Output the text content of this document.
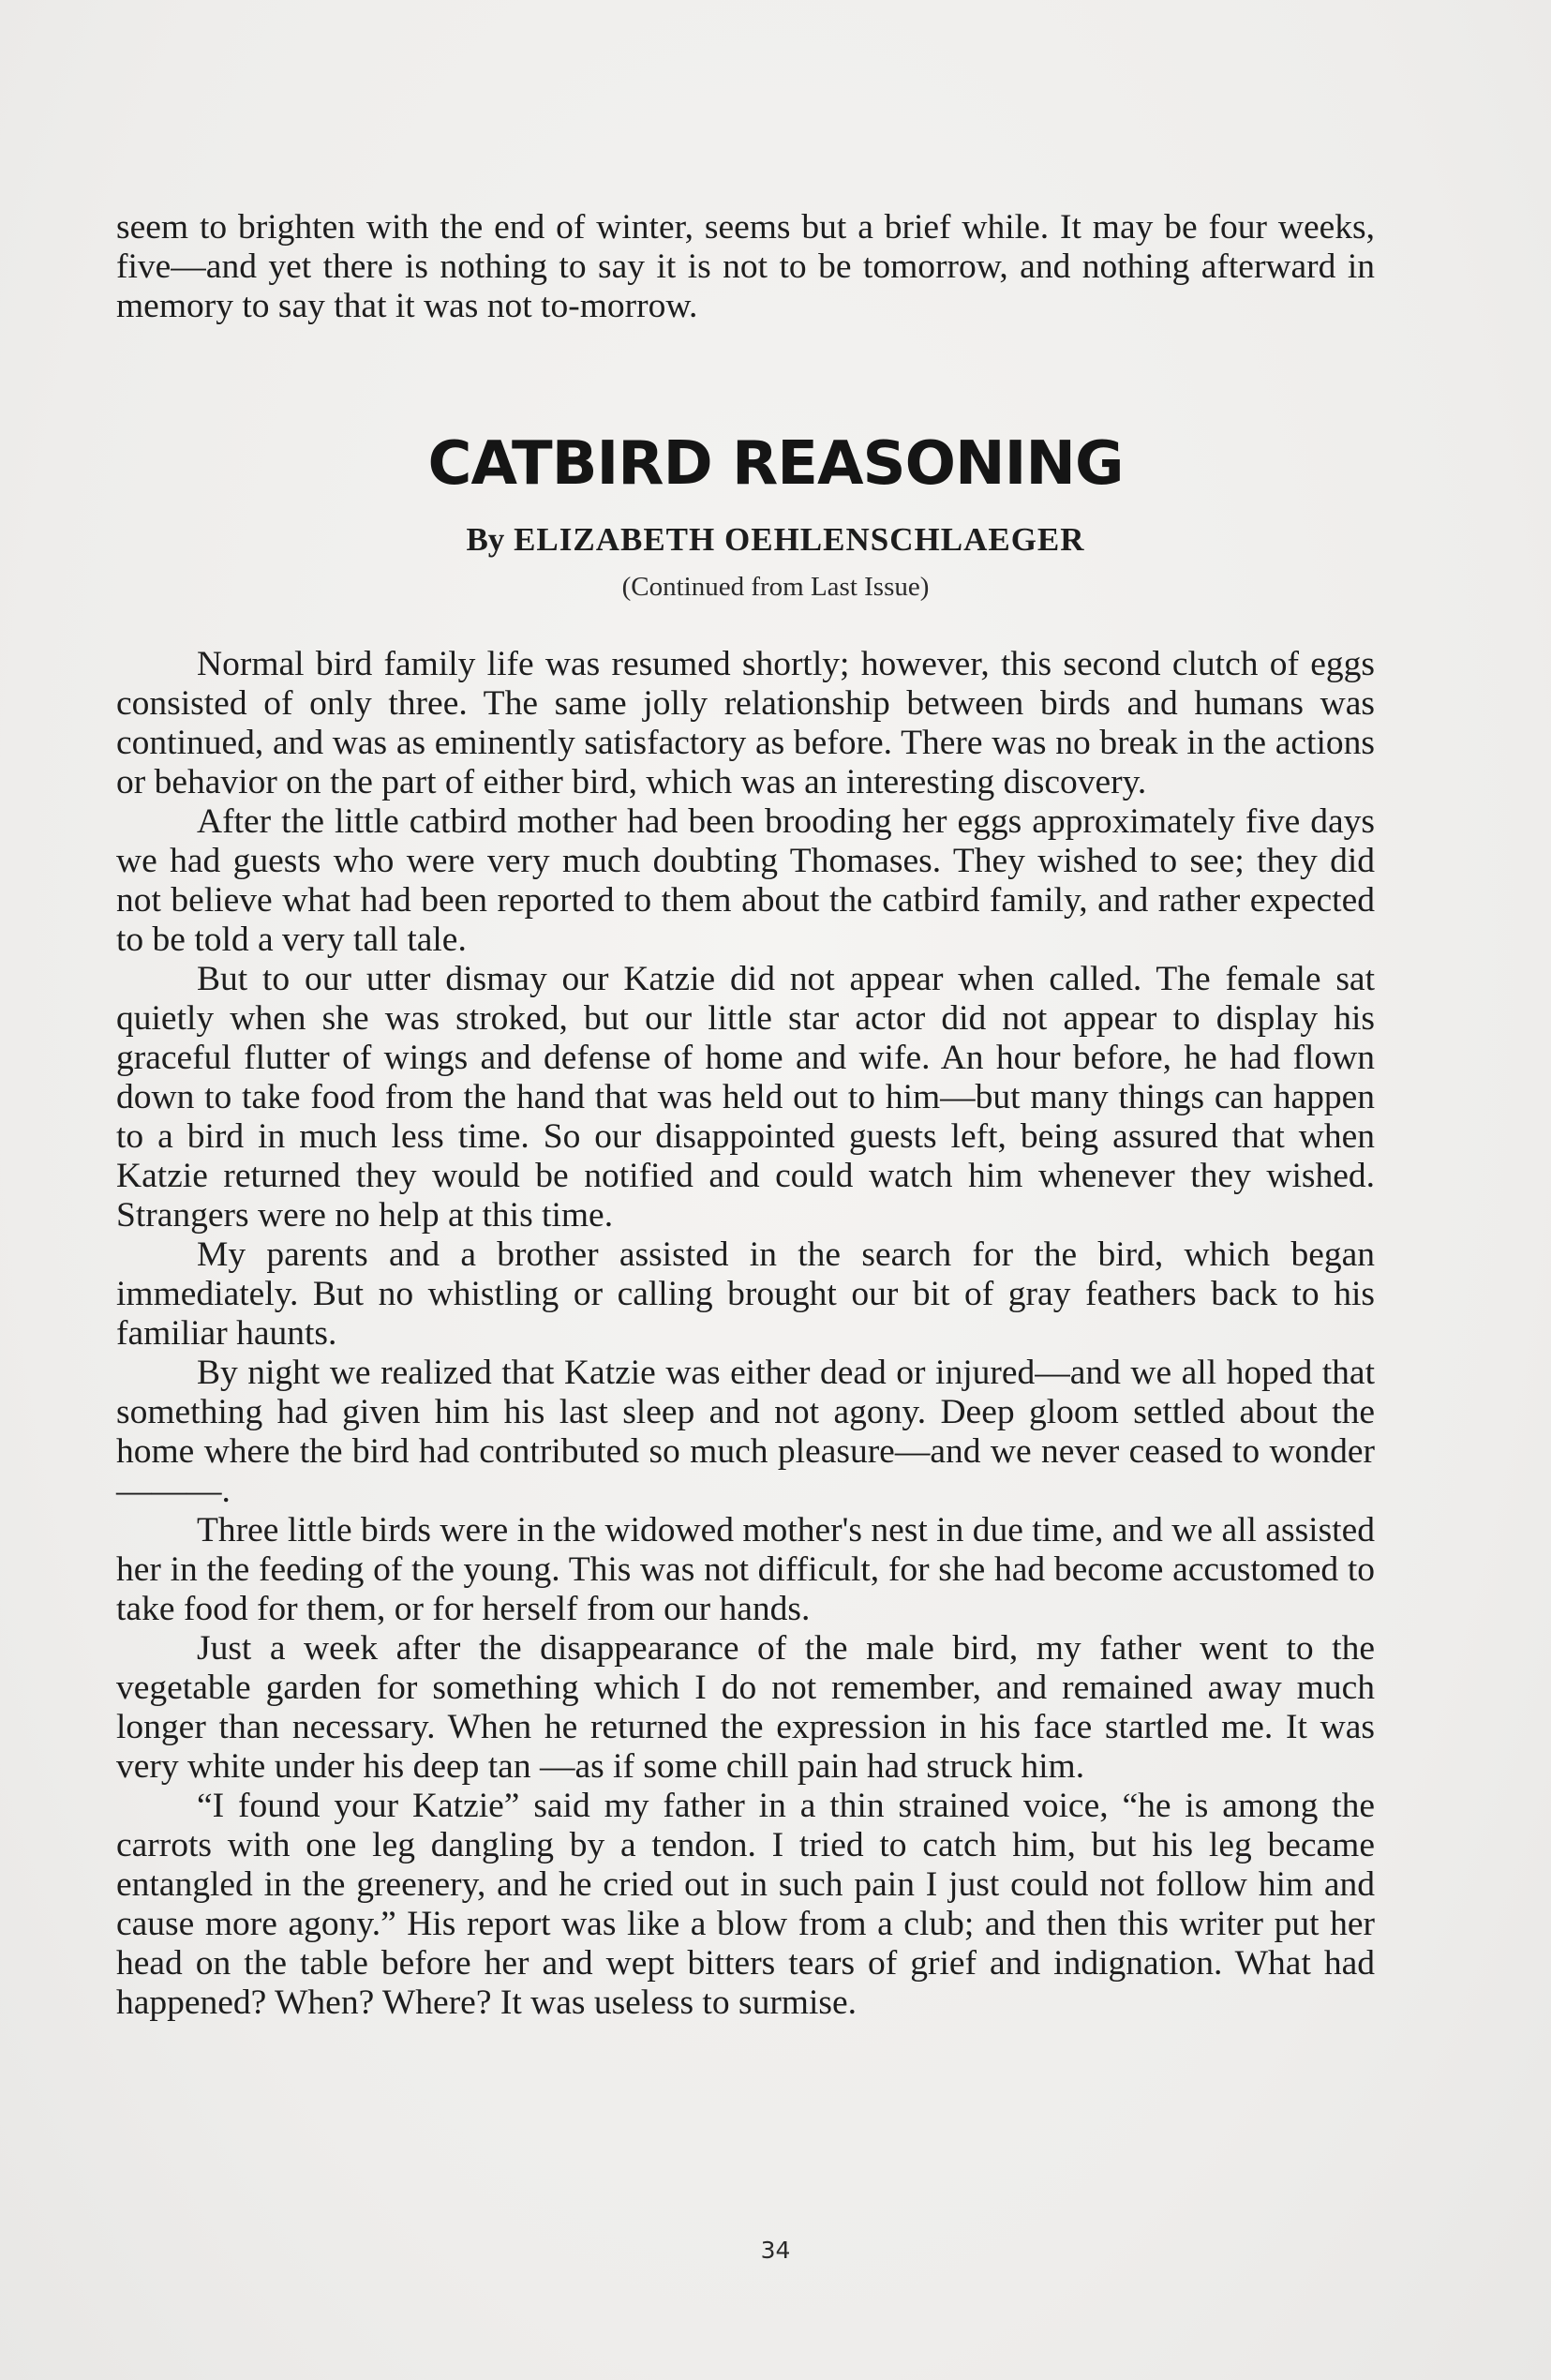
seem to brighten with the end of winter, seems but a brief while. It may be four weeks, five—and yet there is nothing to say it is not to be tomorrow, and nothing afterward in memory to say that it was not to-morrow.

CATBIRD REASONING
By ELIZABETH OEHLENSCHLAEGER
(Continued from Last Issue)

Normal bird family life was resumed shortly; however, this second clutch of eggs consisted of only three. The same jolly relationship between birds and humans was continued, and was as eminently satisfactory as before. There was no break in the actions or behavior on the part of either bird, which was an interesting discovery.

After the little catbird mother had been brooding her eggs approximately five days we had guests who were very much doubting Thomases. They wished to see; they did not believe what had been reported to them about the catbird family, and rather expected to be told a very tall tale.

But to our utter dismay our Katzie did not appear when called. The female sat quietly when she was stroked, but our little star actor did not appear to display his graceful flutter of wings and defense of home and wife. An hour before, he had flown down to take food from the hand that was held out to him—but many things can happen to a bird in much less time. So our disappointed guests left, being assured that when Katzie returned they would be notified and could watch him whenever they wished. Strangers were no help at this time.

My parents and a brother assisted in the search for the bird, which began immediately. But no whistling or calling brought our bit of gray feathers back to his familiar haunts.

By night we realized that Katzie was either dead or injured—and we all hoped that something had given him his last sleep and not agony. Deep gloom settled about the home where the bird had contributed so much pleasure—and we never ceased to wonder———.

Three little birds were in the widowed mother's nest in due time, and we all assisted her in the feeding of the young. This was not difficult, for she had become accustomed to take food for them, or for herself from our hands.

Just a week after the disappearance of the male bird, my father went to the vegetable garden for something which I do not remember, and remained away much longer than necessary. When he returned the expression in his face startled me. It was very white under his deep tan —as if some chill pain had struck him.

“I found your Katzie” said my father in a thin strained voice, “he is among the carrots with one leg dangling by a tendon. I tried to catch him, but his leg became entangled in the greenery, and he cried out in such pain I just could not follow him and cause more agony.” His report was like a blow from a club; and then this writer put her head on the table before her and wept bitters tears of grief and indignation. What had happened? When? Where? It was useless to surmise.

34
